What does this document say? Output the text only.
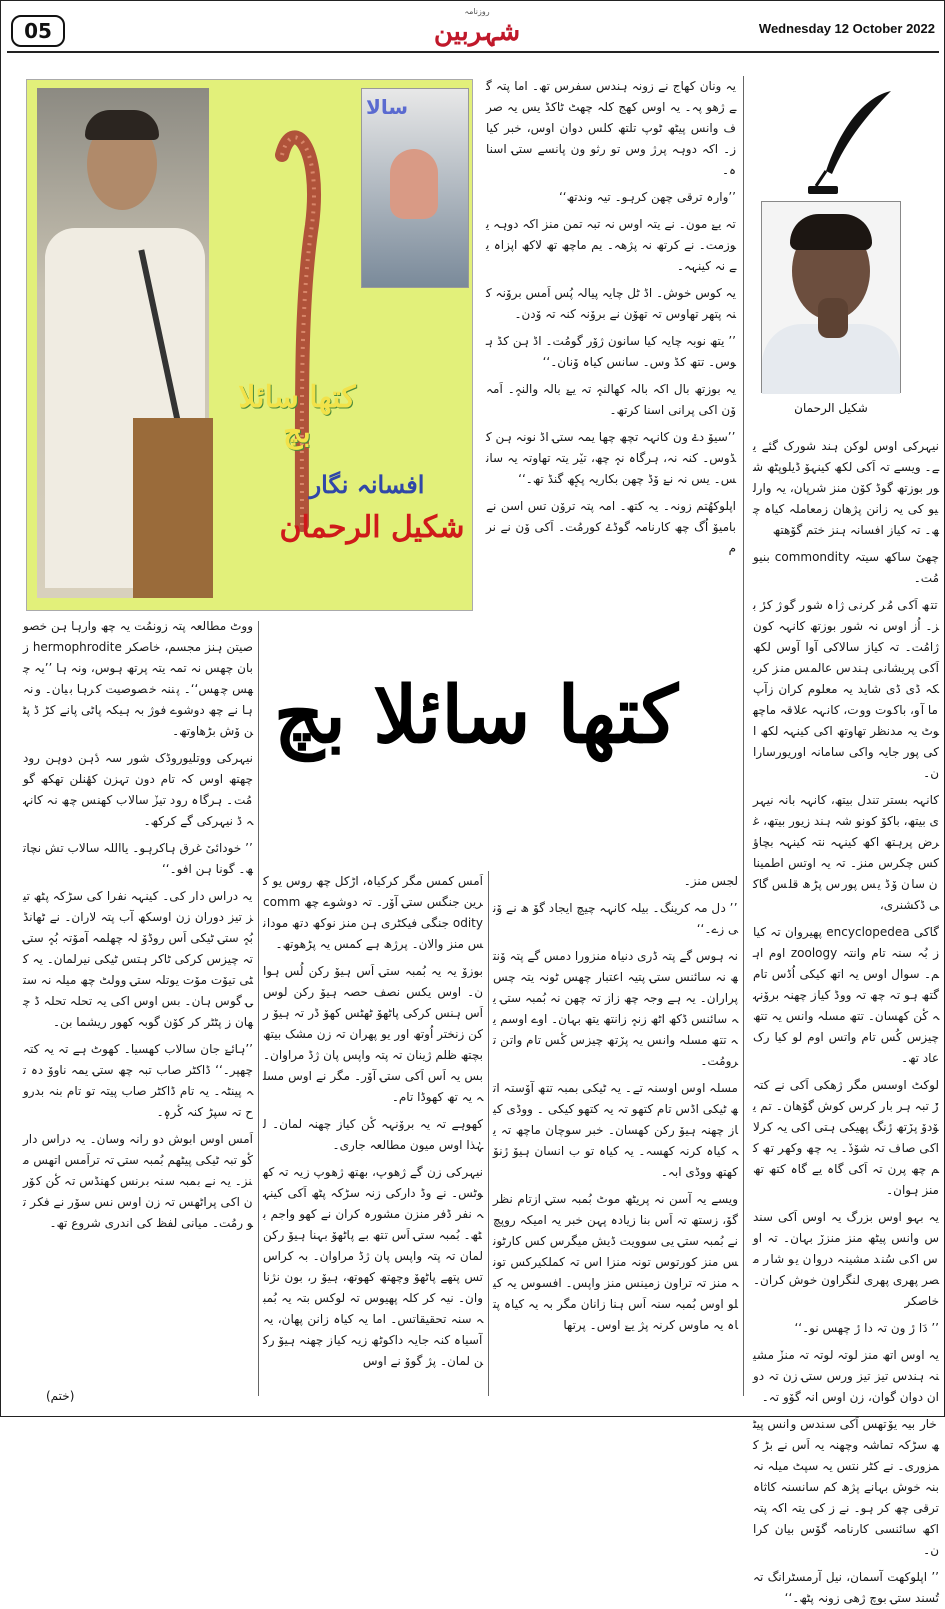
05
روزنامہ
شہربین	Wednesday 12 October 2022
سالا
کتھا سائلا بچ
افسانہ نگار
شکیل الرحمان
شکیل الرحمان

یہ ونان کھاج نے زونہ ہندس سفرس تھ۔ اما پتہ گے ژھو پہ۔ یہ اوس کھج کلہ چھٹ ٹاکڈ یس یہ صرف وانس پیٹھ ٹوپ تلتھ کلس دوان اوس، خبر کیاز۔ اکہ دوہہ پرژ وس تو رثو ون پانسے ستۍ اسناہ۔

’’وارہ ترقی چھن کرہو۔ تیہ وندتھ‘‘

تہ یےٚ مون۔ نے یتہ اوس نہ تبہ تمن منز اکہ دوہہ یوزمت۔ نے کرتھ نہ پژھہ۔ یم ماچھ تھ لاکھ اپزاہ یے نہ کینہہ۔

یہ کوس خوش۔ اڈ ٹل چایہ پیالہ پُس اَمس بروٚنہ کنہ پتھر تھاوس تہ تھوٚن نے بروٚنہ کنہ تہ وٚدن۔

’’ یتھ نوبہ چایہ کیا سانون ژوٚر گومُت۔ اڈ ہن کڈ ہوس۔ تتھ کڈ وس۔ سانس کیاہ وٚنان۔‘‘

یہ بوزتھ بال اکہ بالہ کھالنہٕ تہ یےٚ بالہ والنہٕ۔ اَمہ وٚن اکی پرانی اسنا کرتھ۔

’’سیوٚ دےٚ ون کانہہ تچھ چھا یمہ ستۍ اڈ نونہ ہن کڈوس۔ کنہ نہ، ہرگاہ نہٕ چھ، تیٚر یتہ تھاوتہ یہ سانس۔ یس نہ نےٚ وٚڈ چھن بکاریہ پکٕھ گنڈ تھ۔‘‘

اپلوکھُتم زونہ۔ یہ کتھ۔ امہ پتہ تروٚن تس اسن نے بامیوٚ اُگ چھ کارنامہ گوڈےٚ کورمُت۔ اَکی وٚن نے نرم

نیہرکی اوس لوکن ہند شورک گئے یے۔ ویسے تہ اَکی لکھ کینہوٚ ڈیلوپٹھ شور بوزتھ گوڈ کوٚن منز شرپان، یہ وارلیو کی یہ زانن پژھان زمعاملہ کیاہ چھ۔ تہ کیاز افسانہ ہنز ختم گوٚھتھ

چھیٚ ساکھ سیتہ commondity بنیومُت۔

تتھ اَکی مُر کرنی ژاہ شور گوژ کرٔ بز۔ اُز اوس نہ شور بوزتھ کانہہ کون ژامُت۔ تہ کیاز سالاکی آوا آوس لکھ اَکی پریشانی ہندس عالمس منز کریکہ ڈی ڈی شاید یہ معلوم کران زآپ ما آو، باکوت ووت، کانہہ علاقہ ماچھوٹ یہ مدنظر تھاوتھ اکی کینہہ لکھ اکی پور جایہ واکی سامانہ اوریورساران۔

کانہہ بستر تندل بیتھ، کانہہ بانہ نیہری بیتھ، باکوٚ کونو شہ ہند زیور بیتھ، غرض پرہتھ اکھ کینہہ نتہ کینہہ بچاؤ کس چکرس منز۔ تہ یہ اوتس اطمینان سان وٚڈ یس پورس پڑھ قلس گاکی ڈکشنری،

گاکی encyclopedea پھیروان تہ کیاز بُہ سنہ تام وانتہ zoology اوم اہم۔ سوال اوس یہ اتھ کیکی اُڈس تام گتھ ہو تہ چھ تہ ووڈ کیاز چھنہ بروٚنہہ کٔن کھسان۔ تتھ مسلہ وانس یہ تتھ چیزس کُس تام واتس اوم لو کیا رک عاد تھ۔

لوکٹ اوسس مگر ژھکی اَکی نے کتہ رٔٚ تبہ ہر بار کرس کوش گوٚھان۔ تم یوٚدوٚ پرٚتھ رٔنگ پھیکی ہتی اکی یہ کرلا اکی صاف تہ شوٚدٚ۔ یہ چھ وکھر تھ کم چھ پرن تہ اَکی گاہ یے گاہ کتھ تھ منز ہوان۔

یہ بہو اوس بزرگ یہ اوس اَکی سندس وانس پیٹھ منز منزرٚ بہان۔ تہ اوس اکی سُند مشینہ دروان یو شار مصر پھری پھری لنگراون خوش کران۔ خاصکر

’’ دَا رٔ ون تہ دا رٔ چھس نو۔‘‘

یہ اوس اتھ منز لوتہ لوتہ تہ منزٚ مشینہ ہندس تیز تیز ورس ستۍ زن تہ دوان دوان گوان، زن اوس انہ گوٚو تہ۔

خار بیہ یوٚتھس اَکی سندس وانس پیٹھ سڑکہ تماشہ وچھنہ یہ اَس نے بڑ کمزوری۔ نے کٹر نتس یہ سپٹ میلہ نہ بنہ خوش بہانے پژھ کم سانسنہ کاثاہ ترقی چھ کر ہو۔ نے ز کی یتہ اکہ پتہ اکھ سائنسی کارنامہ گوٚس بیان کران۔

’’ اپلوکھت آسمان، نیل آرمسٹرانگ تہ تُسند ستۍ بوچ ژھی زونہ پٹھ۔‘‘

ووٹ مطالعہ پتہ زونمُت یہ چھ وارہا ہن خصوصیتن ہنز مجسم، خاصکر hermophrodite زبان چھس نہ تمہ یتہ پرتھ ہوس، ونہ ہا ’’یہ چھس چھس‘‘۔ پننہ خصوصیت کرہا بیان۔ ونہ ہا نے چھ دوشوے فوژ بہ ہیکہ پاٹی پانے کڑ ڈ پٹن وٚش بڑھاوتھ۔

نیہرکی ووتلیوروڈک شور سہ دٔہن دوہن رود چھتھ اوس کہ تام دون تہزن کھٔنلن تھکھ گومُت۔ ہرگاہ رود تیزٚ سالاب کھنس چھ نہ کانہہ ڈ نیہرکی گے کرکھ۔

’’ خودائیٚ غرق ہاکرہو۔ یااللہ سالاب تش نچاتھ۔ گونا ہن افو۔‘‘

یہ دراس دار کی۔ کینہہ نفرا کی سڑکہ پٹھ تیز تیز دوران زن اوسکھ آب پتہ لاران۔ نے ٹھانڈ بُہٕ ستۍ ٹیکی اَس روڈوٚ لہ چھلمہ آموٚتہ بُہٕ ستۍ تہ چیزس کرکی ٹاکر ہتس ٹیکی نیرلمان۔ یہ کٹی تیوٚت موٚت یوتلہ ستۍ وولٹ چھ میلہ نہ ستۍ گوس ہان۔ بس اوس اکی یہ تحلہ تحلہ ڈ چھان ز پٹٹر کر کوٚن گوبہ کھور ریشما بن۔

’’ہائےٚ جان سالاب کھسیا۔ کھوٹ ہے تہ یہ کتہ چھپر۔‘‘ ڈاکٹر صاب تبہ چھ ستۍ یمہ ناووٚ دہ تہ پینٹہ۔ یہ تام ڈاکٹر صاب پیتہ تو تام بنہ بدروح تہ سپڑ کنہ کٔرہٕ۔

اَمس اوس ابوش دو رانہ وسان۔ یہ دراس دار کٔو تبہ ٹیکی پیٹھم بُمبہ ستۍ تہ تراَمس اتھس منز۔ یہ نے بمبہ سنہ برنس کھنڈس تہ کٔن کوٚرن اکی پراٹھس تہ زن اوس نس سوٚر نے فکر تو رمُت۔ میانی لفظ کی اندری شروع تھ۔

کتھا سائلا بچ

اَمس کمس مگر کرکیاہ، اڑکل چھ روس یو کرین جنگس ستۍ آوٚر۔ تہ دوشوے چھ commodity جنگی فیکٹری ہن منز نوکھ دتھ مودانس منز والان۔ پرژھ ہے کمس یہ پڑھوتھ۔

بوزوٚ یہ یہ بُمبہ ستۍ اَس ہیوٚ رکن لُس ہوان۔ اوس یکس نصف حصہ ہیوٚ رکن لوس اَس ہنس کرکی پاٹھوٚ ٹھٹس کھوٚ ڈر تہ ہیوٚ رکن زنختر اُوتھ اور یو پھران تہ زن مشک بیتھ بچتھ ظلم ژینان تہ پتہ واپس پان ژڈ مراوان۔ بس یہ اَس اَکی ستۍ آوٚر۔ مگر نے اوس مسلہ یہ تھ کھوڈا تام۔

کھوہے تہ یہ بروٚنہہ کٔن کیاز چھنہ لمان۔ لہٰذا اوس میون مطالعہ جاری۔

نیہرکی زن گے ژھوپ، بھتھ ژھوپ زیہ تہ کھوٹس۔ نے وڈ دارکی زنہ سڑکہ پٹھ اَکی کینہہ نفر ڈفر منزن مشورہ کران نے کھو واجم بٹھ۔ بُمبہ ستۍ اَس تتھ بے پاٹھوٚ بہنا ہیوٚ رکن لمان تہ پتہ واپس پان ژڈ مراوان۔ بہ کراس تس پتھے پاٹھوٚ وچھتھ کھوتھ، ہیوٚ ر، بون نژناوان۔ نیہ کر کلہ پھیوس تہ لوکس بتہ یہ بُمبہ سنہ تحقیقاتس۔ اما یہ کیاہ زانن پھان، یہ آسیاہ کنہ جایہ داکوٹھ زیہ کیاز چھنہ ہیوٚ رکن لمان۔ پژ گووٚ نے اوس

لجس منز۔

’’ دل مہ کرینگ۔ بیلہ کانہہ چیچ ایجاد گوٚ ھ نے وٚنی زے۔‘‘

نہ ہوس گے پتہ ڈری دنیاہ منزورا دمس گے پتہ وٚنتھ نہ سائنس ستۍ پتیہ اعتبار چھس ٹونہ یتہ چس پراران۔ یہ ہے وجہ چھ زاز تہ چھن نہ بُمبہ ستۍ یہ سائنس ڈکھ اٹھ زنہٕ زانتھ یتھ بہان۔ اوے اوسم یہ تتھ مسلہ وانس یہ پرٚتھ چیزس کٔس تام واتن ترومُت۔

مسلہ اوس اوسنہ تے۔ یہ ٹیکی بمبہ تتھ آوٚستہ اتھ ٹیکی اڈس تام کتھو تہ یہ کتھو کیکی ۔ ووڈی کیاز چھنہ ہیوٚ رکن کھسان۔ خبر سوچان ماچھ تہ یہ کیاہ کرنہ کھسہ۔ یہ کیاہ تو ب انسان ہیوٚ رٔنوٚ کھتھ ووڈی ابہ۔

ویسے یہ آسن نہ پریٹھ موٹ بُمبہ ستۍ ازتام نظر گوٚ، زستھ تہ اَس بنا زیادہ پہن خبر یہ امیکہ روپچ نے بُمبہ ستۍ یی سوویت ڈیش میگرس کس کارٹونس منز کورتوس تونہ منزا اس تہ کملکیرکس تونہ منز تہ تراون زمینس منز واپس۔ افسوس یہ کیلو اوس بُمبہ سنہ اَس ہنا زانان مگر بہ یہ کیاہ پتاہ یہ ماوس کرنہ پژ یےٚ اوس۔ پرتھا

(ختم)
